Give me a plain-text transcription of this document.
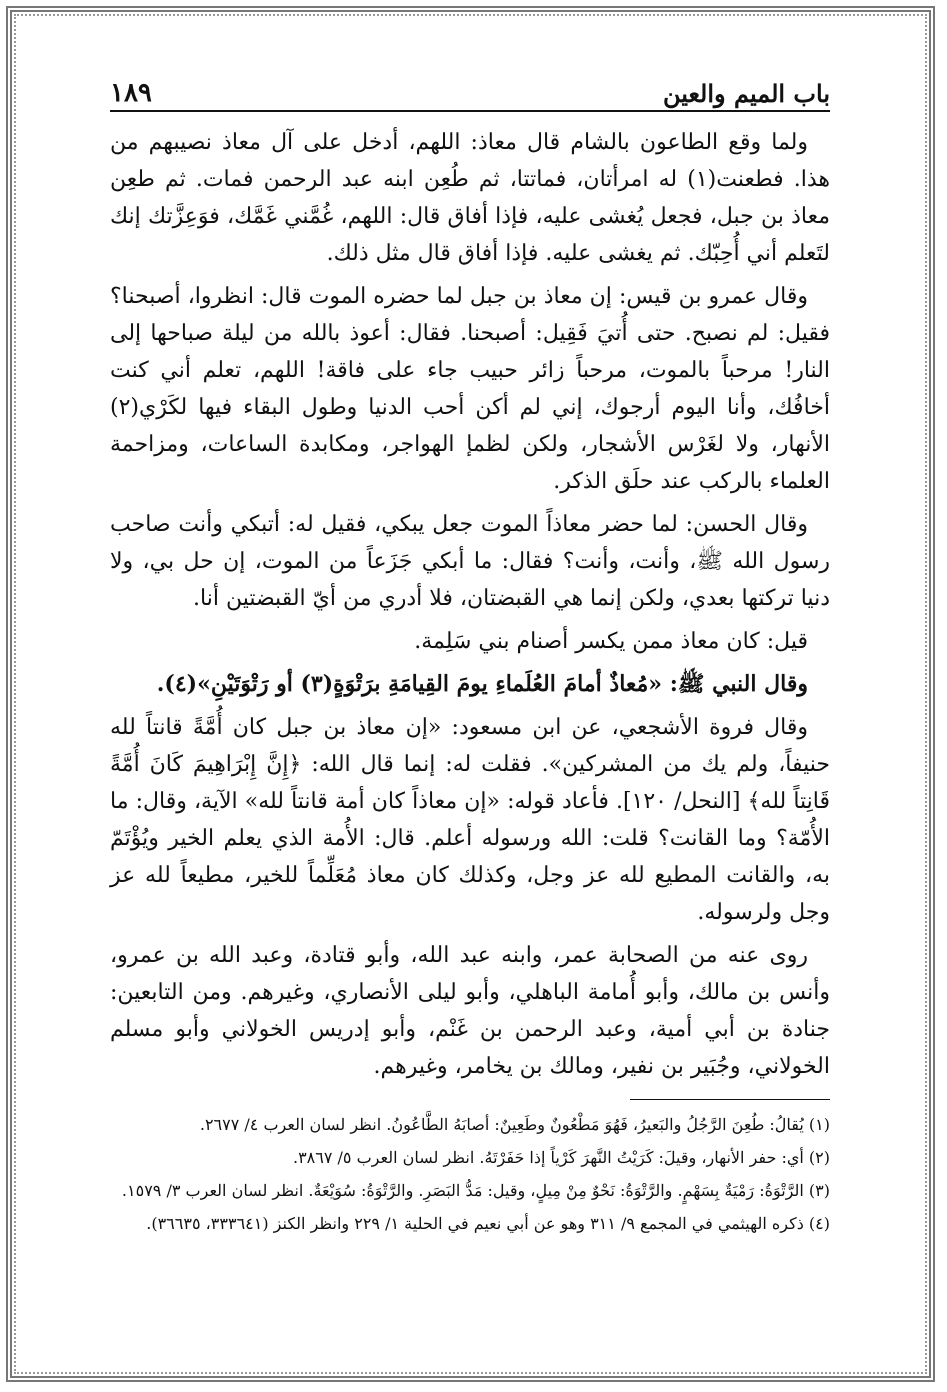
باب الميم والعين
١٨٩

ولما وقع الطاعون بالشام قال معاذ: اللهم، أدخل على آل معاذ نصيبهم من هذا. فطعنت(١) له امرأتان، فماتتا، ثم طُعِن ابنه عبد الرحمن فمات. ثم طعِن معاذ بن جبل، فجعل يُغشى عليه، فإذا أفاق قال: اللهم، غُمَّني غَمَّك، فوَعِزَّتك إنك لتَعلم أني أُحِبّك. ثم يغشى عليه. فإذا أفاق قال مثل ذلك.

وقال عمرو بن قيس: إن معاذ بن جبل لما حضره الموت قال: انظروا، أصبحنا؟ فقيل: لم نصبح. حتى أُتيَ فَقِيل: أصبحنا. فقال: أعوذ بالله من ليلة صباحها إلى النار! مرحباً بالموت، مرحباً زائر حبيب جاء على فاقة! اللهم، تعلم أني كنت أخافُك، وأنا اليوم أرجوك، إني لم أكن أحب الدنيا وطول البقاء فيها لكَرْي(٢) الأنهار، ولا لغَرْس الأشجار، ولكن لظمإ الهواجر، ومكابدة الساعات، ومزاحمة العلماء بالركب عند حلَق الذكر.

وقال الحسن: لما حضر معاذاً الموت جعل يبكي، فقيل له: أتبكي وأنت صاحب رسول الله ﷺ، وأنت، وأنت؟ فقال: ما أبكي جَزَعاً من الموت، إن حل بي، ولا دنيا تركتها بعدي، ولكن إنما هي القبضتان، فلا أدري من أيّ القبضتين أنا.

قيل: كان معاذ ممن يكسر أصنام بني سَلِمة.

وقال النبي ﷺ: «مُعاذٌ أمامَ العُلَماءِ يومَ القِيامَةِ برَتْوَةٍ(٣) أو رَتْوَتَيْنِ»(٤).

وقال فروة الأشجعي، عن ابن مسعود: «إن معاذ بن جبل كان أُمَّةً قانتاً لله حنيفاً، ولم يك من المشركين». فقلت له: إنما قال الله: ﴿إِنَّ إِبْرَاهِيمَ كَانَ أُمَّةً قَانِتاً لله﴾ [النحل/ ١٢٠]. فأعاد قوله: «إن معاذاً كان أمة قانتاً لله» الآية، وقال: ما الأُمّة؟ وما القانت؟ قلت: الله ورسوله أعلم. قال: الأُمة الذي يعلم الخير ويُؤْتَمّ به، والقانت المطيع لله عز وجل، وكذلك كان معاذ مُعَلِّماً للخير، مطيعاً لله عز وجل ولرسوله.

روى عنه من الصحابة عمر، وابنه عبد الله، وأبو قتادة، وعبد الله بن عمرو، وأنس بن مالك، وأبو أُمامة الباهلي، وأبو ليلى الأنصاري، وغيرهم. ومن التابعين: جنادة بن أبي أمية، وعبد الرحمن بن غَنْم، وأبو إدريس الخولاني وأبو مسلم الخولاني، وجُبَير بن نفير، ومالك بن يخامر، وغيرهم.

(١) يُقالُ: طُعِنَ الرَّجُلُ والبَعيرُ، فَهُوَ مَطْعُونٌ وطَعِينٌ: أصابَهُ الطَّاعُونُ. انظر لسان العرب ٤/ ٢٦٧٧.
(٢) أي: حفر الأنهار، وقيلَ: كَرَيْتُ النَّهرَ كَرْياً إذا حَفَرْتَهُ. انظر لسان العرب ٥/ ٣٨٦٧.
(٣) الرَّتْوَةُ: رَمْيَةٌ بِسَهْمٍ. والرَّتْوَةُ: نَحْوٌ مِنْ مِيلٍ، وقيل: مَدُّ البَصَرِ. والرَّتْوَةُ: سُوَيْعَةٌ. انظر لسان العرب ٣/ ١٥٧٩.
(٤) ذكره الهيثمي في المجمع ٩/ ٣١١ وهو عن أبي نعيم في الحلية ١/ ٢٢٩ وانظر الكنز (٣٣٣٦٤١، ٣٦٦٣٥).
